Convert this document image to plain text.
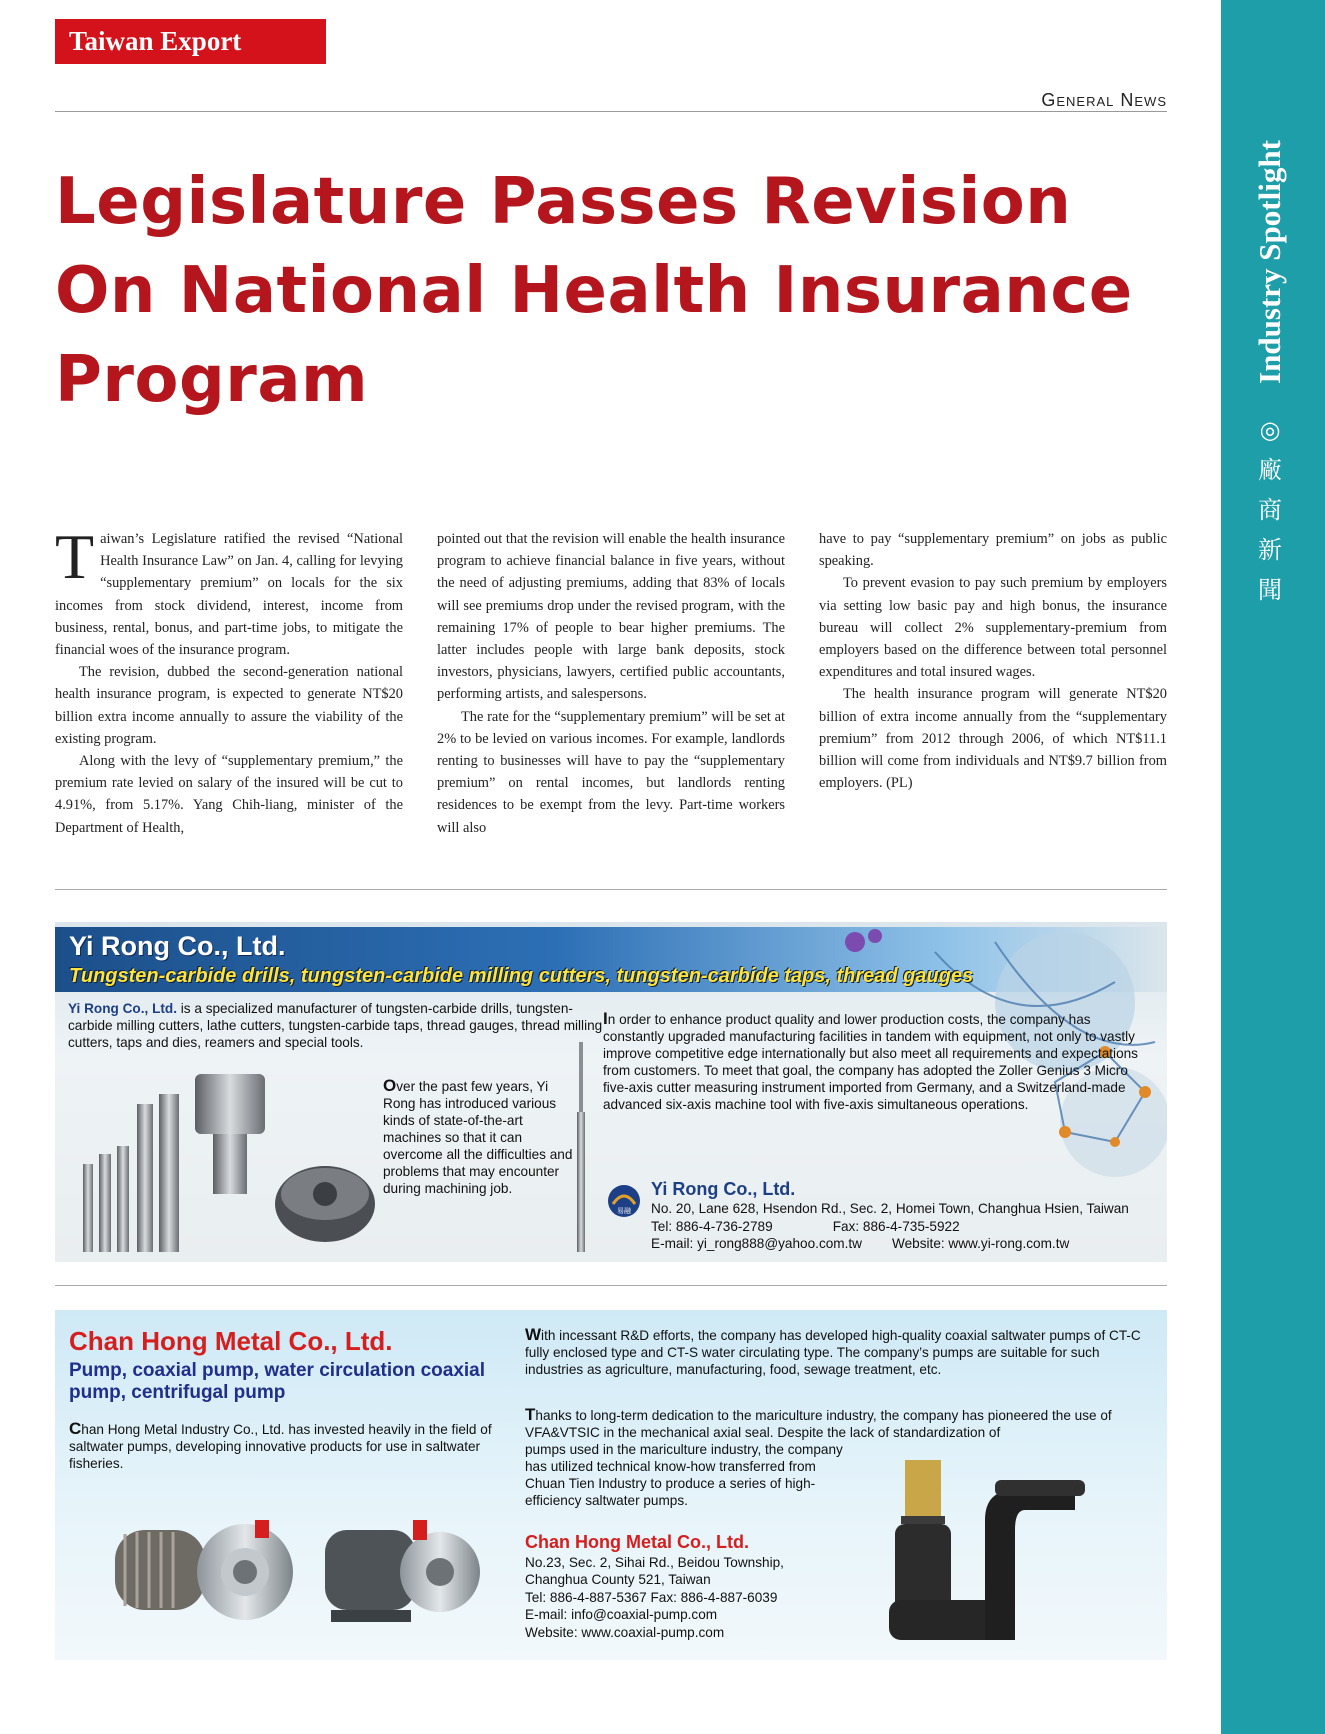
Taiwan Export Express	General News
Industry Spotlight
◎
廠
商
新
聞
Legislature Passes Revision On National Health Insurance Program

Taiwan’s Legislature ratified the revised “National Health Insurance Law” on Jan. 4, calling for levying “supplementary premium” on locals for the six incomes from stock dividend, interest, income from business, rental, bonus, and part-time jobs, to mitigate the financial woes of the insurance program.

The revision, dubbed the second-generation national health insurance program, is expected to generate NT$20 billion extra income annually to assure the viability of the existing program.

Along with the levy of “supplementary premium,” the premium rate levied on salary of the insured will be cut to 4.91%, from 5.17%. Yang Chih-liang, minister of the Department of Health,

pointed out that the revision will enable the health insurance program to achieve financial balance in five years, without the need of adjusting premiums, adding that 83% of locals will see premiums drop under the revised program, with the remaining 17% of people to bear higher premiums. The latter includes people with large bank deposits, stock investors, physicians, lawyers, certified public accountants, performing artists, and salespersons.

The rate for the “supplementary premium” will be set at 2% to be levied on various incomes. For example, landlords renting to businesses will have to pay the “supplementary premium” on rental incomes, but landlords renting residences to be exempt from the levy. Part-time workers will also

have to pay “supplementary premium” on jobs as public speaking.

To prevent evasion to pay such premium by employers via setting low basic pay and high bonus, the insurance bureau will collect 2% supplementary-premium from employers based on the difference between total personnel expenditures and total insured wages.

The health insurance program will generate NT$20 billion of extra income annually from the “supplementary premium” from 2012 through 2006, of which NT$11.1 billion will come from individuals and NT$9.7 billion from employers. (PL)

Yi Rong Co., Ltd.
Tungsten-carbide drills, tungsten-carbide milling cutters, tungsten-carbide taps, thread gauges
Yi Rong Co., Ltd. is a specialized manufacturer of tungsten-carbide drills, tungsten-carbide milling cutters, lathe cutters, tungsten-carbide taps, thread gauges, thread milling cutters, taps and dies, reamers and special tools.
Over the past few years, Yi Rong has introduced various kinds of state-of-the-art machines so that it can overcome all the difficulties and problems that may encounter during machining job.
In order to enhance product quality and lower production costs, the company has constantly upgraded manufacturing facilities in tandem with equipment, not only to vastly improve competitive edge internationally but also meet all requirements and expectations from customers. To meet that goal, the company has adopted the Zoller Genius 3 Micro five-axis cutter measuring instrument imported from Germany, and a Switzerland-made advanced six-axis machine tool with five-axis simultaneous operations.
易融
Yi Rong Co., Ltd.
No. 20, Lane 628, Hsendon Rd., Sec. 2, Homei Town, Changhua Hsien, Taiwan
Tel: 886-4-736-2789	Fax: 886-4-735-5922
E-mail: yi_rong888@yahoo.com.tw Website: www.yi-rong.com.tw
Chan Hong Metal Co., Ltd.
Pump, coaxial pump, water circulation coaxial pump, centrifugal pump
Chan Hong Metal Industry Co., Ltd. has invested heavily in the field of saltwater pumps, developing innovative products for use in saltwater fisheries.
With incessant R&D efforts, the company has developed high-quality coaxial saltwater pumps of CT-C fully enclosed type and CT-S water circulating type. The company’s pumps are suitable for such industries as agriculture, manufacturing, food, sewage treatment, etc.
Thanks to long-term dedication to the mariculture industry, the company has pioneered the use of VFA&VTSIC in the mechanical axial seal. Despite the lack of standardization of
pumps used in the mariculture industry, the company has utilized technical know-how transferred from Chuan Tien Industry to produce a series of high-efficiency saltwater pumps.
Chan Hong Metal Co., Ltd.
No.23, Sec. 2, Sihai Rd., Beidou Township,
Changhua County 521, Taiwan
Tel: 886-4-887-5367 Fax: 886-4-887-6039
E-mail: info@coaxial-pump.com
Website: www.coaxial-pump.com
